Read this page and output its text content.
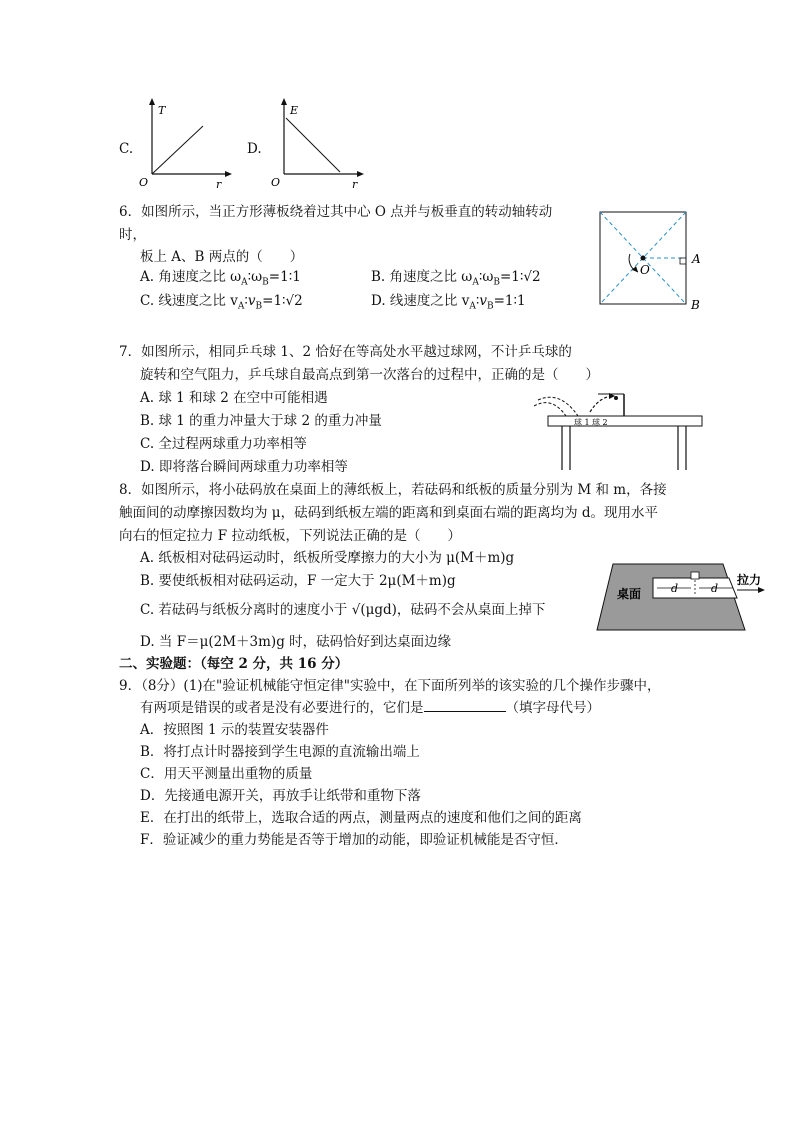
C.
T
r
O
D.
E
r
O
6．如图所示，当正方形薄板绕着过其中心 O 点并与板垂直的转动轴转动
时，
板上 A、B 两点的（　　）
A. 角速度之比 $\omega_A∶\omega_B=1∶1$	B. 角速度之比 $\omega_A∶\omega_B=1∶√2$
C. 线速度之比 $v_A∶v_B=1∶√2$	D. 线速度之比 $v_A∶v_B=1∶1$
O
A
B
7．如图所示，相同乒乓球 1、2 恰好在等高处水平越过球网，不计乒乓球的
旋转和空气阻力，乒乓球自最高点到第一次落台的过程中，正确的是（　　）
A. 球 1 和球 2 在空中可能相遇
B. 球 1 的重力冲量大于球 2 的重力冲量
C. 全过程两球重力功率相等
D. 即将落台瞬间两球重力功率相等
球 1 球 2
8．如图所示，将小砝码放在桌面上的薄纸板上，若砝码和纸板的质量分别为 M 和 m，各接
触面间的动摩擦因数均为 μ，砝码到纸板左端的距离和到桌面右端的距离均为 d。现用水平
向右的恒定拉力 F 拉动纸板，下列说法正确的是（　　）
A. 纸板相对砝码运动时，纸板所受摩擦力的大小为 μ(M＋m)g
B. 要使纸板相对砝码运动，F 一定大于 2μ(M＋m)g
C. 若砝码与纸板分离时的速度小于 √(μgd)，砝码不会从桌面上掉下
D. 当 F＝μ(2M＋3m)g 时，砝码恰好到达桌面边缘
桌面	d	d
拉力
二、实验题：（每空 2 分，共 16 分）
9．（8分）(1)在"验证机械能守恒定律"实验中，在下面所列举的该实验的几个操作步骤中，
有两项是错误的或者是没有必要进行的，它们是	（填字母代号）
A．按照图 1 示的装置安装器件
B．将打点计时器接到学生电源的直流输出端上
C．用天平测量出重物的质量
D．先接通电源开关，再放手让纸带和重物下落
E．在打出的纸带上，选取合适的两点，测量两点的速度和他们之间的距离
F．验证减少的重力势能是否等于增加的动能，即验证机械能是否守恒．
